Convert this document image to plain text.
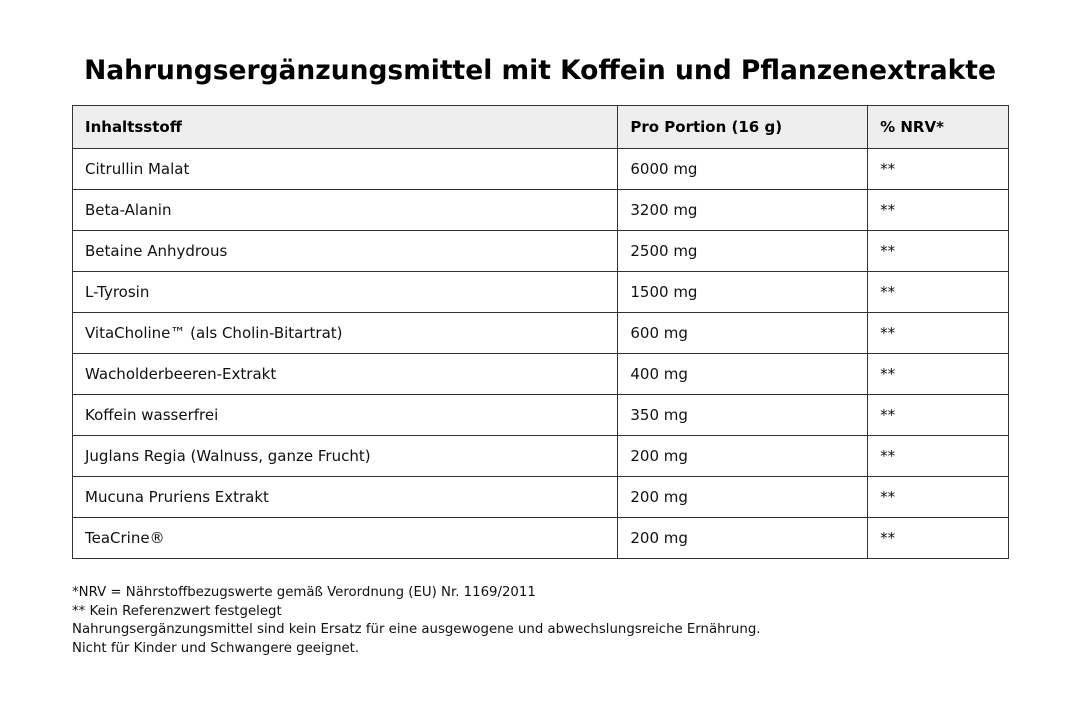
Nahrungsergänzungsmittel mit Koffein und Pflanzenextrakte
Inhaltsstoff	Pro Portion (16 g)	% NRV*
Citrullin Malat	6000 mg	**
Beta-Alanin	3200 mg	**
Betaine Anhydrous	2500 mg	**
L-Tyrosin	1500 mg	**
VitaCholine™ (als Cholin-Bitartrat)	600 mg	**
Wacholderbeeren-Extrakt	400 mg	**
Koffein wasserfrei	350 mg	**
Juglans Regia (Walnuss, ganze Frucht)	200 mg	**
Mucuna Pruriens Extrakt	200 mg	**
TeaCrine®	200 mg	**
*NRV = Nährstoffbezugswerte gemäß Verordnung (EU) Nr. 1169/2011
** Kein Referenzwert festgelegt
Nahrungsergänzungsmittel sind kein Ersatz für eine ausgewogene und abwechslungsreiche Ernährung.
Nicht für Kinder und Schwangere geeignet.
